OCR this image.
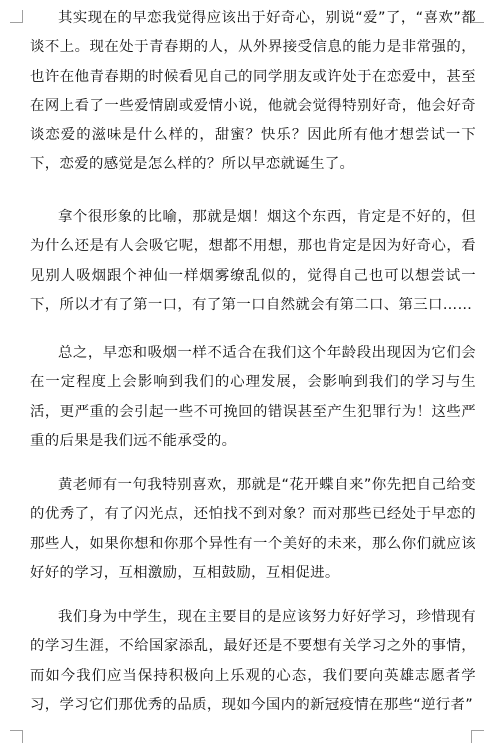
其实现在的早恋我觉得应该出于好奇心，别说“爱”了，“喜欢”都谈不上。现在处于青春期的人，从外界接受信息的能力是非常强的，也许在他青春期的时候看见自己的同学朋友或许处于在恋爱中，甚至在网上看了一些爱情剧或爱情小说，他就会觉得特别好奇，他会好奇谈恋爱的滋味是什么样的，甜蜜？快乐？因此所有他才想尝试一下下，恋爱的感觉是怎么样的？所以早恋就诞生了。

拿个很形象的比喻，那就是烟！烟这个东西，肯定是不好的，但为什么还是有人会吸它呢，想都不用想，那也肯定是因为好奇心，看见别人吸烟跟个神仙一样烟雾缭乱似的，觉得自己也可以想尝试一下，所以才有了第一口，有了第一口自然就会有第二口、第三口……

总之，早恋和吸烟一样不适合在我们这个年龄段出现因为它们会在一定程度上会影响到我们的心理发展，会影响到我们的学习与生活，更严重的会引起一些不可挽回的错误甚至产生犯罪行为！这些严重的后果是我们远不能承受的。

黄老师有一句我特别喜欢，那就是“花开蝶自来”你先把自己给变的优秀了，有了闪光点，还怕找不到对象？而对那些已经处于早恋的那些人，如果你想和你那个异性有一个美好的未来，那么你们就应该好好的学习，互相激励，互相鼓励，互相促进。

我们身为中学生，现在主要目的是应该努力好好学习，珍惜现有的学习生涯，不给国家添乱，最好还是不要想有关学习之外的事情，而如今我们应当保持积极向上乐观的心态，我们要向英雄志愿者学习，学习它们那优秀的品质，现如今国内的新冠疫情在那些“逆行者”
